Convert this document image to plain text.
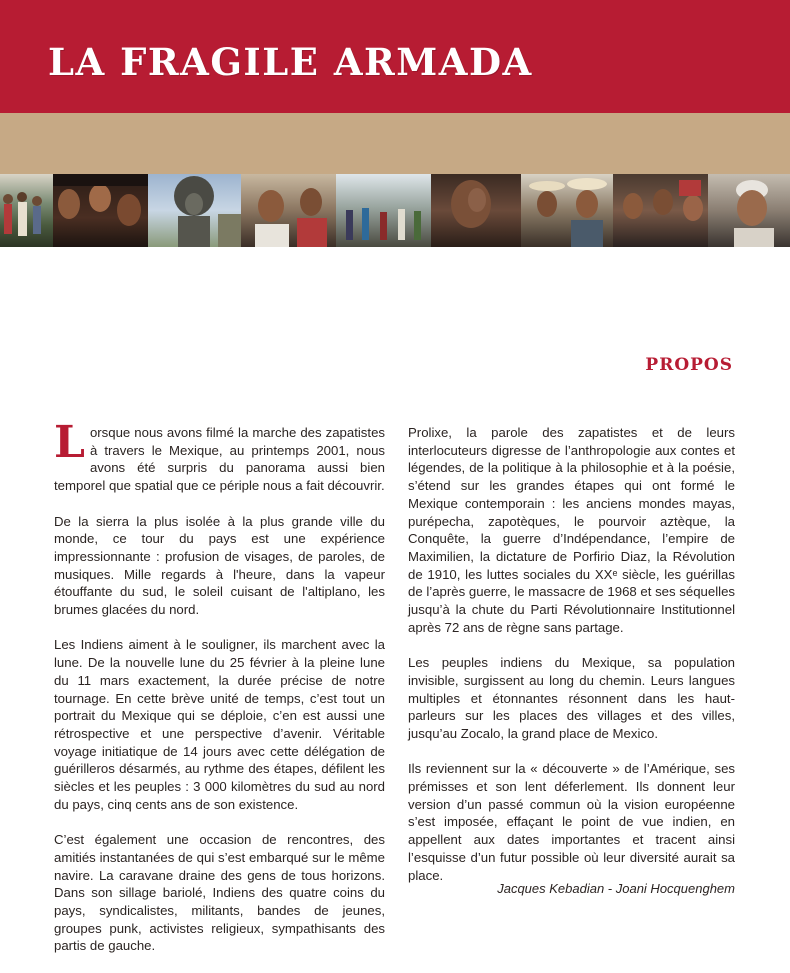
LA FRAGILE ARMADA
PROPOS

Lorsque nous avons filmé la marche des zapatistes à travers le Mexique, au printemps 2001, nous avons été surpris du panorama aussi bien temporel que spatial que ce périple nous a fait découvrir.

De la sierra la plus isolée à la plus grande ville du monde, ce tour du pays est une expérience impressionnante : profusion de visages, de paroles, de musiques. Mille regards à l'heure, dans la vapeur étouffante du sud, le soleil cuisant de l'altiplano, les brumes glacées du nord.

Les Indiens aiment à le souligner, ils marchent avec la lune. De la nouvelle lune du 25 février à la pleine lune du 11 mars exactement, la durée précise de notre tournage. En cette brève unité de temps, c’est tout un portrait du Mexique qui se déploie, c’en est aussi une rétrospective et une perspective d’avenir. Véritable voyage initiatique de 14 jours avec cette délégation de guérilleros désarmés, au rythme des étapes, défilent les siècles et les peuples : 3 000 kilomètres du sud au nord du pays, cinq cents ans de son existence.

C’est également une occasion de rencontres, des amitiés instantanées de qui s’est embarqué sur le même navire. La caravane draine des gens de tous horizons. Dans son sillage bariolé, Indiens des quatre coins du pays, syndicalistes, militants, bandes de jeunes, groupes punk, activistes religieux, sympathisants des partis de gauche.

Prolixe, la parole des zapatistes et de leurs interlocuteurs digresse de l’anthropologie aux contes et légendes, de la politique à la philosophie et à la poésie, s’étend sur les grandes étapes qui ont formé le Mexique contemporain : les anciens mondes mayas, purépecha, zapotèques, le pourvoir aztèque, la Conquête, la guerre d’Indépendance, l’empire de Maximilien, la dictature de Porfirio Diaz, la Révolution de 1910, les luttes sociales du XXᵉ siècle, les guérillas de l’après guerre, le massacre de 1968 et ses séquelles jusqu’à la chute du Parti Révolutionnaire Institutionnel après 72 ans de règne sans partage.

Les peuples indiens du Mexique, sa population invisible, surgissent au long du chemin. Leurs langues multiples et étonnantes résonnent dans les haut-parleurs sur les places des villages et des villes, jusqu’au Zocalo, la grand place de Mexico.

Ils reviennent sur la « découverte » de l’Amérique, ses prémisses et son lent déferlement. Ils donnent leur version d’un passé commun où la vision européenne s’est imposée, effaçant le point de vue indien, en appellent aux dates importantes et tracent ainsi l’esquisse d’un futur possible où leur diversité aurait sa place.

Jacques Kebadian - Joani Hocquenghem
